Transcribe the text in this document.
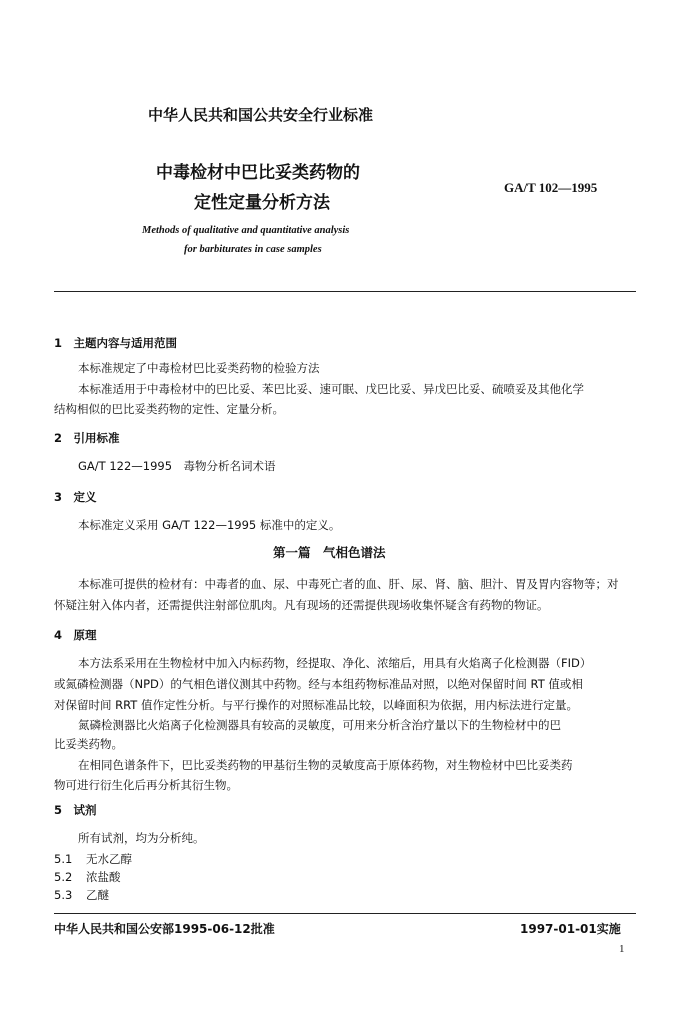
中华人民共和国公共安全行业标准
中毒检材中巴比妥类药物的
定性定量分析方法
GA/T 102—1995
Methods of qualitative and quantitative analysis
for barbiturates in case samples
1　主题内容与适用范围
本标准规定了中毒检材巴比妥类药物的检验方法
本标准适用于中毒检材中的巴比妥、苯巴比妥、速可眠、戊巴比妥、异戊巴比妥、硫喷妥及其他化学
结构相似的巴比妥类药物的定性、定量分析。
2　引用标准
GA/T 122—1995　毒物分析名词术语
3　定义
本标准定义采用 GA/T 122—1995 标准中的定义。
第一篇　气相色谱法
本标准可提供的检材有：中毒者的血、尿、中毒死亡者的血、肝、尿、肾、脑、胆汁、胃及胃内容物等；对
怀疑注射入体内者，还需提供注射部位肌肉。凡有现场的还需提供现场收集怀疑含有药物的物证。
4　原理
本方法系采用在生物检材中加入内标药物，经提取、净化、浓缩后，用具有火焰离子化检测器（FID）
或氮磷检测器（NPD）的气相色谱仪测其中药物。经与本组药物标准品对照，以绝对保留时间 RT 值或相
对保留时间 RRT 值作定性分析。与平行操作的对照标准品比较，以峰面积为依据，用内标法进行定量。
氮磷检测器比火焰离子化检测器具有较高的灵敏度，可用来分析含治疗量以下的生物检材中的巴
比妥类药物。
在相同色谱条件下，巴比妥类药物的甲基衍生物的灵敏度高于原体药物，对生物检材中巴比妥类药
物可进行衍生化后再分析其衍生物。
5　试剂
所有试剂，均为分析纯。
5.1 无水乙醇
5.2 浓盐酸
5.3 乙醚
中华人民共和国公安部1995-06-12批准	1997-01-01实施
1
